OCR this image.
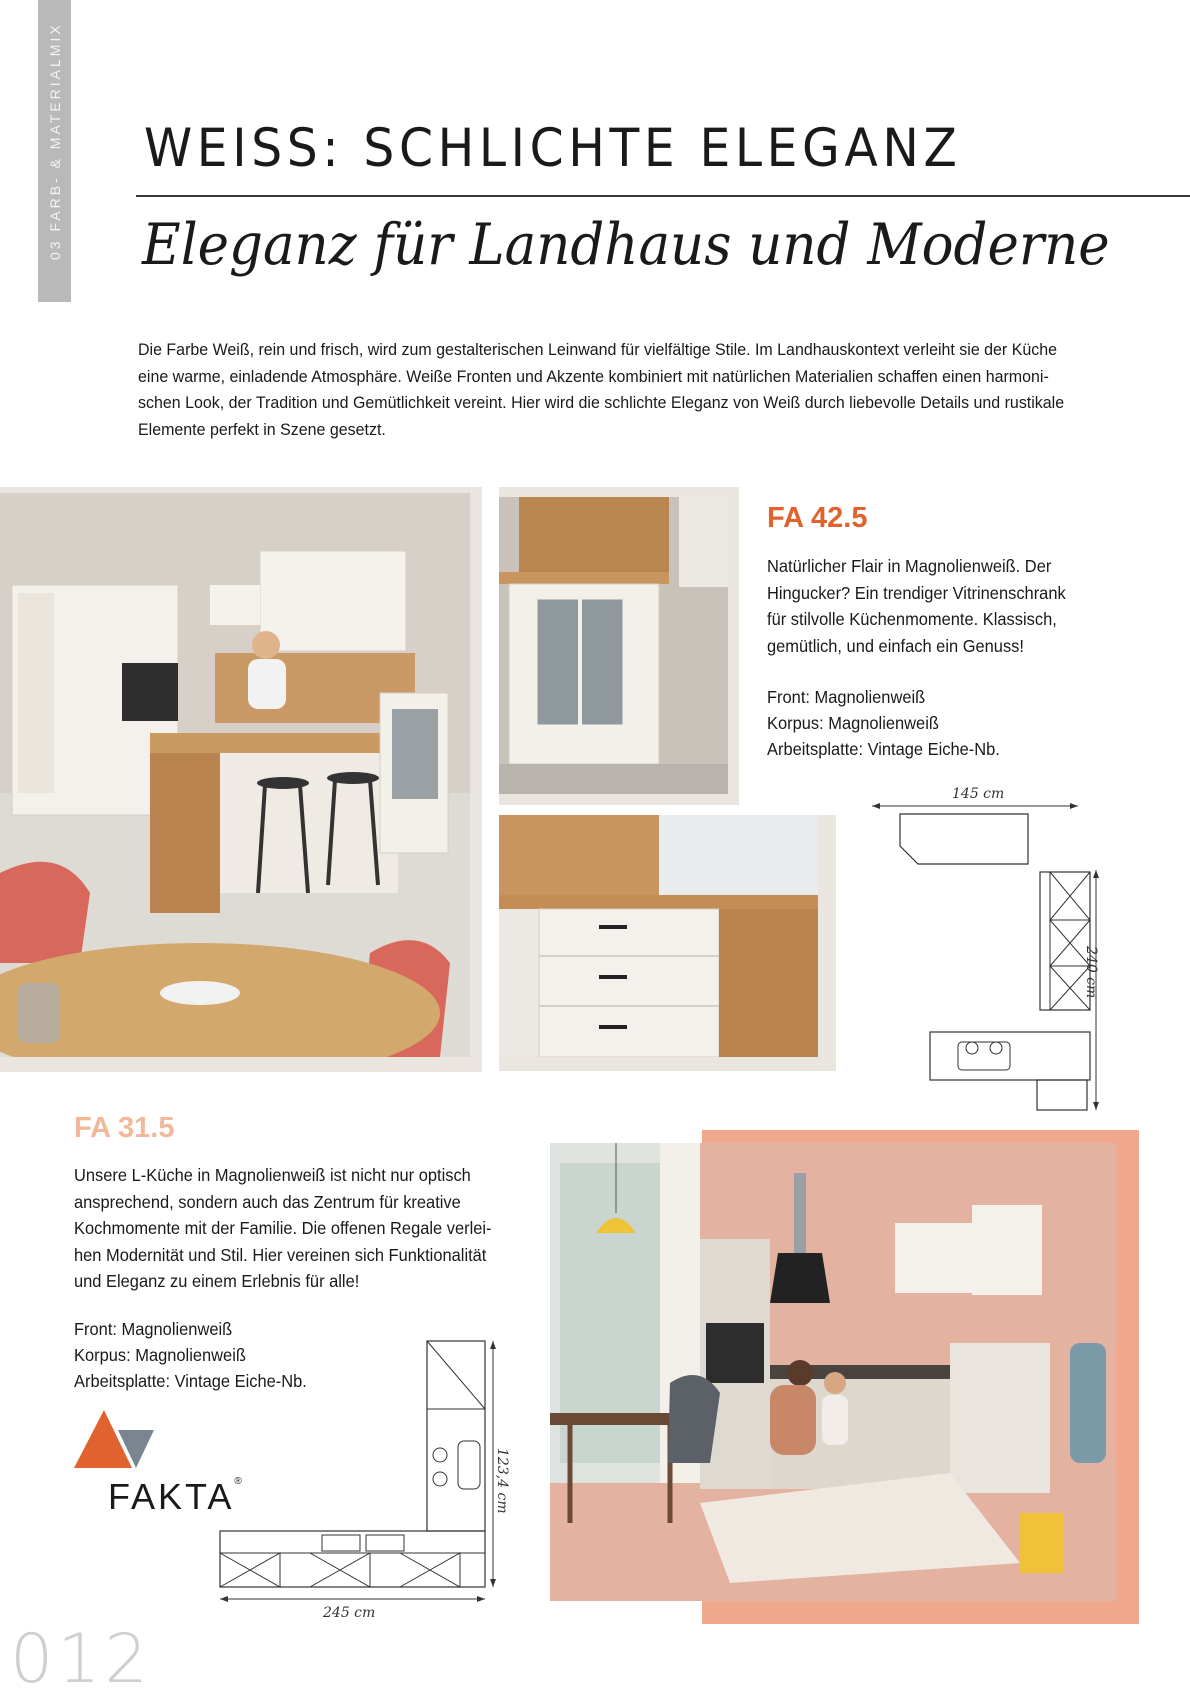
03 FARB- & MATERIALMIX WEISS: SCHLICHTE ELEGANZ
Eleganz für Landhaus und Moderne
Die Farbe Weiß, rein und frisch, wird zum gestalterischen Leinwand für vielfältige Stile. Im Landhauskontext verleiht sie der Küche eine warme, einladende Atmosphäre. Weiße Fronten und Akzente kombiniert mit natürlichen Materialien schaffen einen harmoni-schen Look, der Tradition und Gemütlichkeit vereint. Hier wird die schlichte Eleganz von Weiß durch liebevolle Details und rustikale Elemente perfekt in Szene gesetzt.
FA 42.5
Natürlicher Flair in Magnolienweiß. Der Hingucker? Ein trendiger Vitrinenschrank für stilvolle Küchenmomente. Klassisch, gemütlich, und einfach ein Genuss!
Front: Magnolienweiß
Korpus: Magnolienweiß
Arbeitsplatte: Vintage Eiche-Nb.
145 cm
240 cm
FA 31.5
Unsere L-Küche in Magnolienweiß ist nicht nur optisch ansprechend, sondern auch das Zentrum für kreative Kochmomente mit der Familie. Die offenen Regale verlei-hen Modernität und Stil. Hier vereinen sich Funktionalität und Eleganz zu einem Erlebnis für alle!
Front: Magnolienweiß
Korpus: Magnolienweiß
Arbeitsplatte: Vintage Eiche-Nb.
FAKTA®	123,4 cm
245 cm
012
